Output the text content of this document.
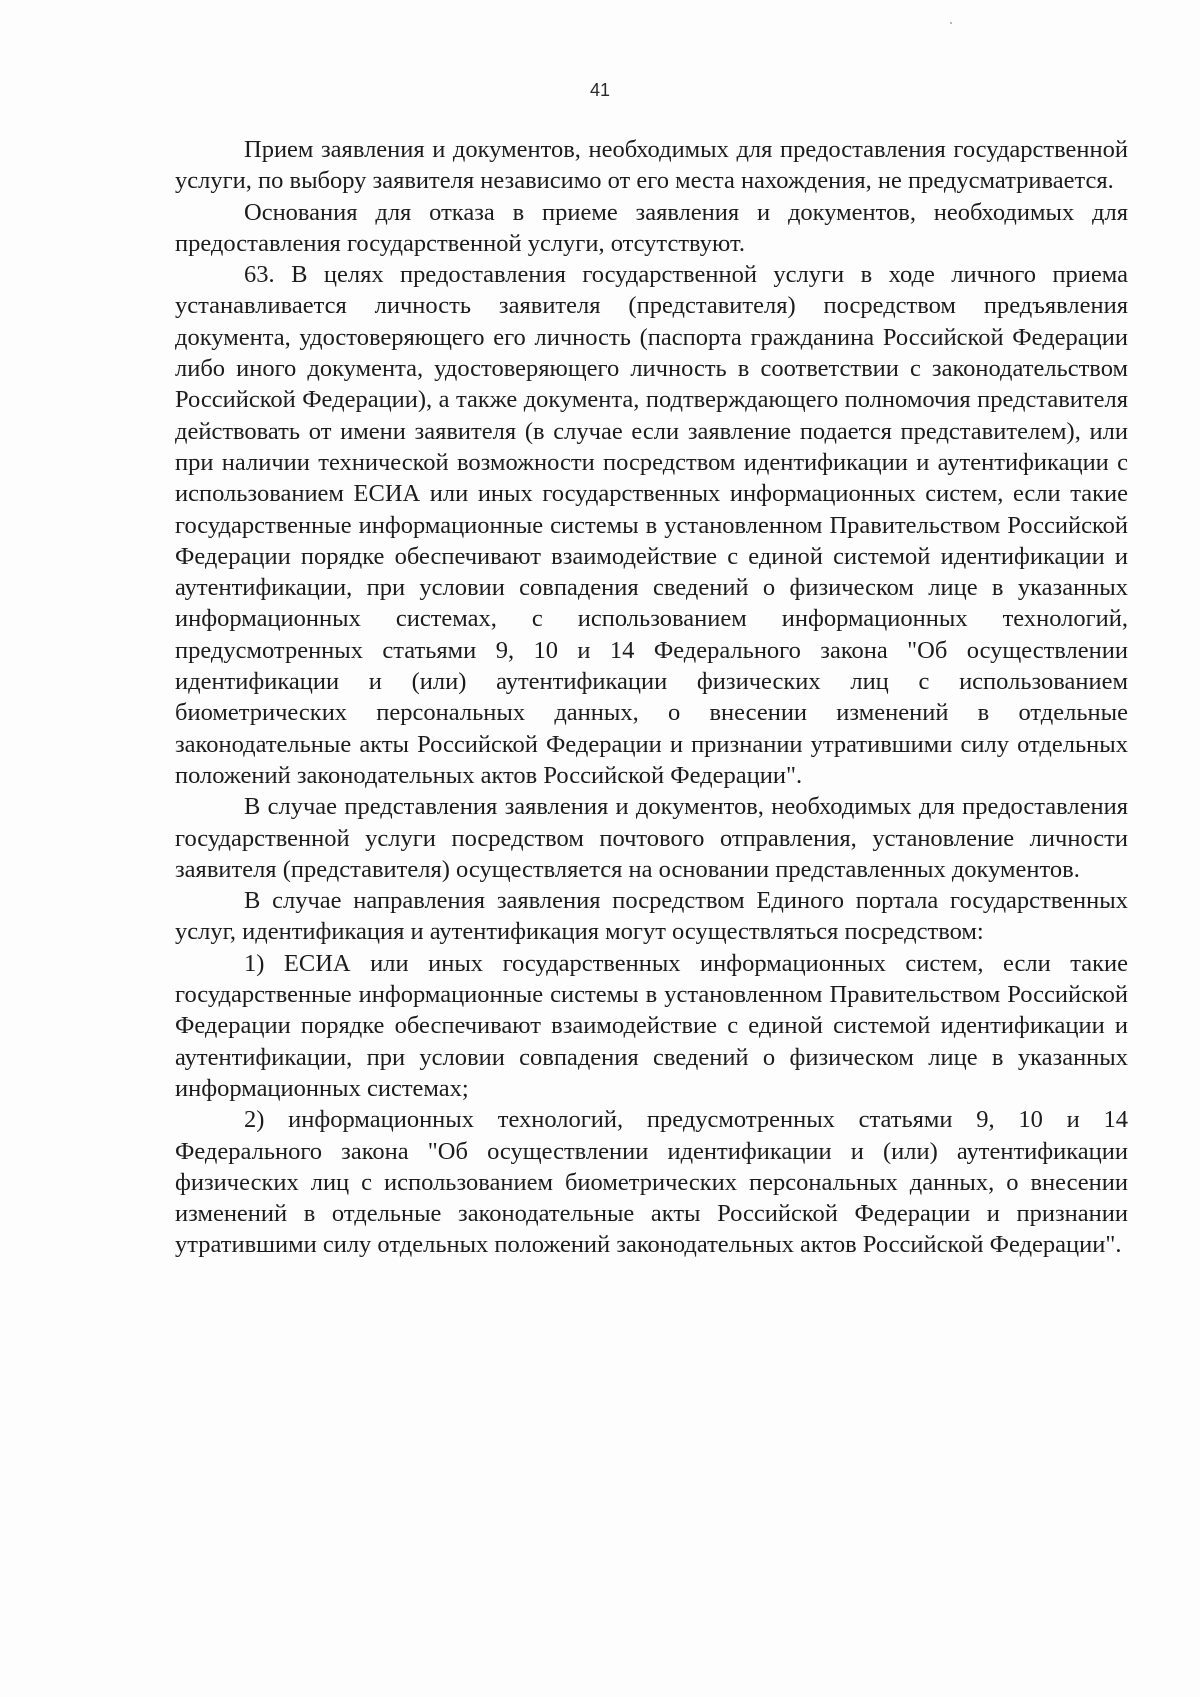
41

Прием заявления и документов, необходимых для предоставления государственной услуги, по выбору заявителя независимо от его места нахождения, не предусматривается.

Основания для отказа в приеме заявления и документов, необходимых для предоставления государственной услуги, отсутствуют.

63. В целях предоставления государственной услуги в ходе личного приема устанавливается личность заявителя (представителя) посредством предъявления документа, удостоверяющего его личность (паспорта гражданина Российской Федерации либо иного документа, удостоверяющего личность в соответствии с законодательством Российской Федерации), а также документа, подтверждающего полномочия представителя действовать от имени заявителя (в случае если заявление подается представителем), или при наличии технической возможности посредством идентификации и аутентификации с использованием ЕСИА или иных государственных информационных систем, если такие государственные информационные системы в установленном Правительством Российской Федерации порядке обеспечивают взаимодействие с единой системой идентификации и аутентификации, при условии совпадения сведений о физическом лице в указанных информационных системах, с использованием информационных технологий, предусмотренных статьями 9, 10 и 14 Федерального закона "Об осуществлении идентификации и (или) аутентификации физических лиц с использованием биометрических персональных данных, о внесении изменений в отдельные законодательные акты Российской Федерации и признании утратившими силу отдельных положений законодательных актов Российской Федерации".

В случае представления заявления и документов, необходимых для предоставления государственной услуги посредством почтового отправления, установление личности заявителя (представителя) осуществляется на основании представленных документов.

В случае направления заявления посредством Единого портала государственных услуг, идентификация и аутентификация могут осуществляться посредством:

1) ЕСИА или иных государственных информационных систем, если такие государственные информационные системы в установленном Правительством Российской Федерации порядке обеспечивают взаимодействие с единой системой идентификации и аутентификации, при условии совпадения сведений о физическом лице в указанных информационных системах;

2) информационных технологий, предусмотренных статьями 9, 10 и 14 Федерального закона "Об осуществлении идентификации и (или) аутентификации физических лиц с использованием биометрических персональных данных, о внесении изменений в отдельные законодательные акты Российской Федерации и признании утратившими силу отдельных положений законодательных актов Российской Федерации".
